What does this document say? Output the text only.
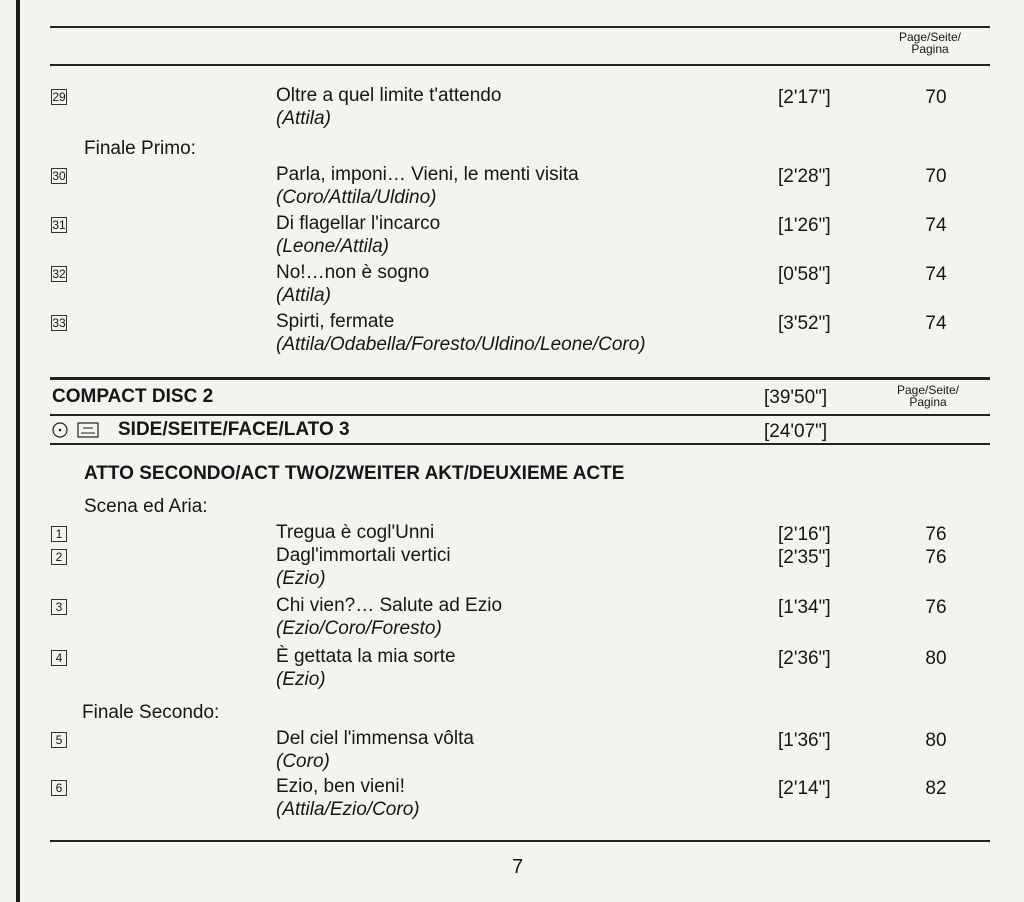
Page/Seite/
Pagina
29	Oltre a quel limite t'attendo
(Attila)
[2'17"]	70
Finale Primo:
30	Parla, imponi… Vieni, le menti visita
(Coro/Attila/Uldino)
[2'28"]	70
31	Di flagellar l'incarco
(Leone/Attila)
[1'26"]	74
32	No!…non è sogno
(Attila)
[0'58"]	74
33	Spirti, fermate
(Attila/Odabella/Foresto/Uldino/Leone/Coro)
[3'52"]	74
COMPACT DISC 2	[39'50"]	Page/Seite/
Pagina
SIDE/SEITE/FACE/LATO 3	[24'07"]
ATTO SECONDO/ACT TWO/ZWEITER AKT/DEUXIEME ACTE
Scena ed Aria:
1	Tregua è cogl'Unni	[2'16"]	76
2	Dagl'immortali vertici
(Ezio)
[2'35"]	76
3	Chi vien?… Salute ad Ezio
(Ezio/Coro/Foresto)
[1'34"]	76
4	È gettata la mia sorte
(Ezio)
[2'36"]	80
Finale Secondo:
5	Del ciel l'immensa vôlta
(Coro)
[1'36"]	80
6	Ezio, ben vieni!
(Attila/Ezio/Coro)
[2'14"]	82
7
